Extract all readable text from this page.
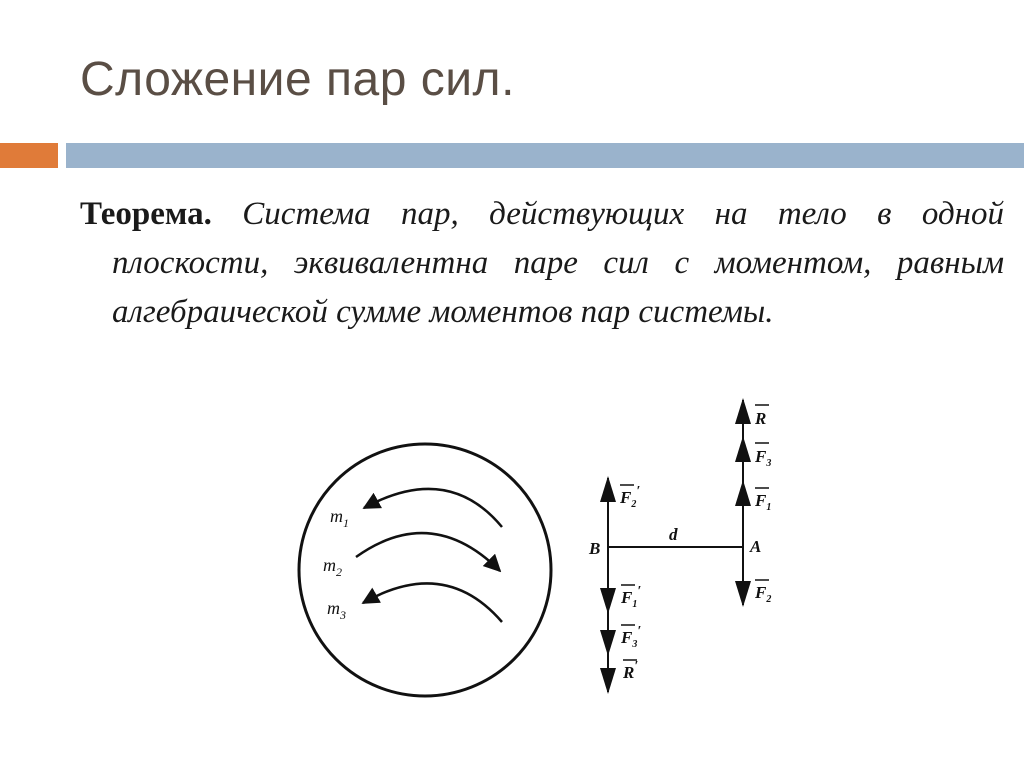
Сложение пар сил.
Теорема. Система пар, действующих на тело в одной плоскости, эквивалентна паре сил с моментом, равным алгебраической сумме моментов пар системы.
$m_1$
$m_2$
$m_3$
B	A
d
R
$F_3$
$F_1$
$F_2$
$F_2'$
$F_1'$
$F_3'$
R′
